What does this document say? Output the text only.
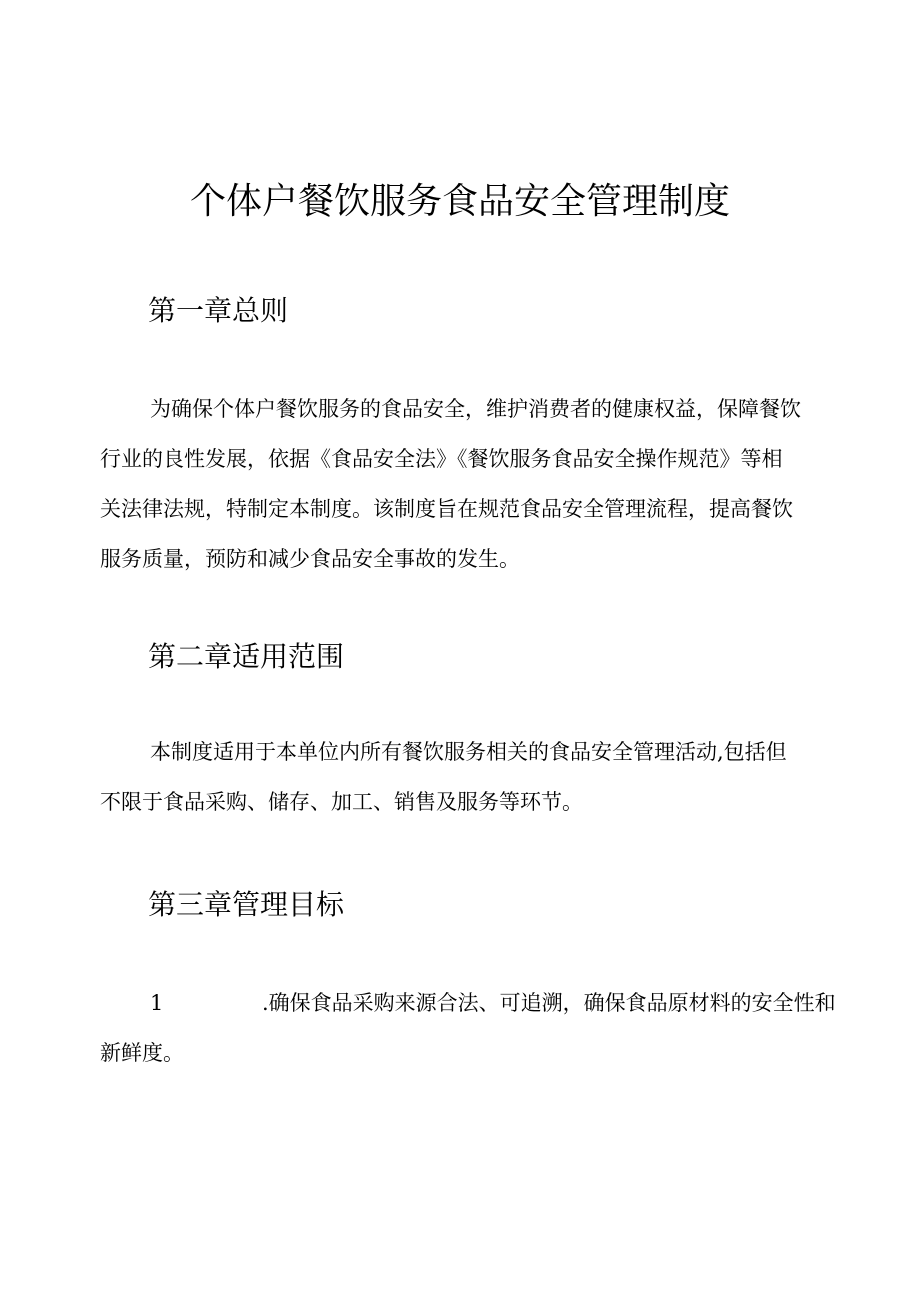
个体户餐饮服务食品安全管理制度
第一章总则
为确保个体户餐饮服务的食品安全，维护消费者的健康权益，保障餐饮
行业的良性发展，依据《食品安全法》《餐饮服务食品安全操作规范》等相
关法律法规，特制定本制度。该制度旨在规范食品安全管理流程，提高餐饮
服务质量，预防和减少食品安全事故的发生。
第二章适用范围
本制度适用于本单位内所有餐饮服务相关的食品安全管理活动,包括但
不限于食品采购、储存、加工、销售及服务等环节。
第三章管理目标
1	.确保食品采购来源合法、可追溯，确保食品原材料的安全性和
新鲜度。
